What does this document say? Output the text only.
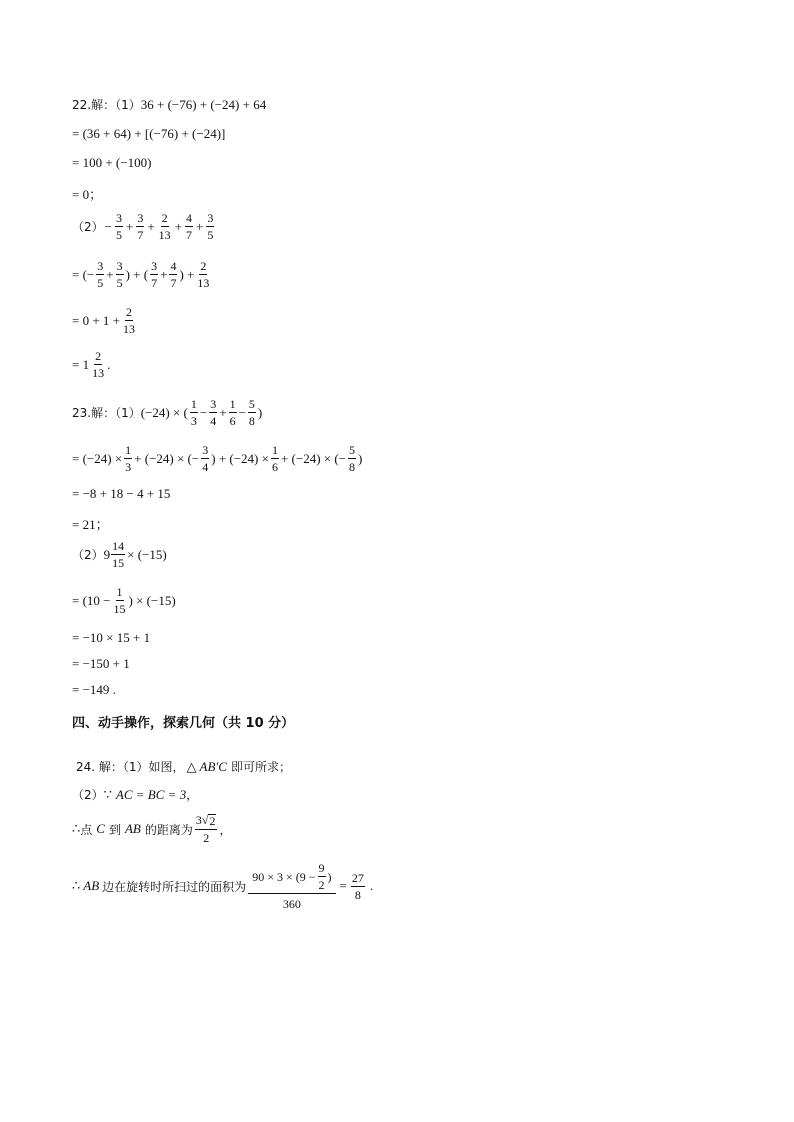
22.解：（1） 36 + (−76) + (−24) + 64
= (36 + 64) + [(−76) + (−24)]
= 100 + (−100)
= 0；
$(2) - \frac{3}{5} + \frac{3}{7} + \frac{2}{13} + \frac{4}{7} + \frac{3}{5}$
= (− $\frac{3}{5} + \frac{3}{5}$ ) + ( $\frac{3}{7} + \frac{4}{7}$ ) + $\frac{2}{13}$
= $0 + 1 + \frac{2}{13}$
= $1 \frac{2}{13}$ .
23.解：（1） (−24) × ( $\frac{1}{3} - \frac{3}{4} + \frac{1}{6} - \frac{5}{8}$ )
= $(-24) \times \frac{1}{3} + (-24)$ × (− $\frac{3}{4}$ ) + $(-24) \times \frac{1}{6} + (-24)$ × (− $\frac{5}{8}$ )
= −8 + 18 − 4 + 15
= 21；
（2） $9 \frac{14}{15} \times (-15)$
= ($10 - \frac{1}{15}$ ) × (−15)
= −10 × 15 + 1
= −150 + 1
= −149 .
四、动手操作，探索几何（共 10 分）
24. 解：（1）如图， △ AB′C 即可所求；
（2） ∵ AC = BC = 3 ，
∴ 点 C 到 AB 的距离为 $\frac{3 √ 2}{2}$ ，
∴ AB 边在旋转时所扫过的面积为 $\frac{90 \times 3 \times (9 - \frac{9}{2} )}{360} = \frac{27}{8}$ .
